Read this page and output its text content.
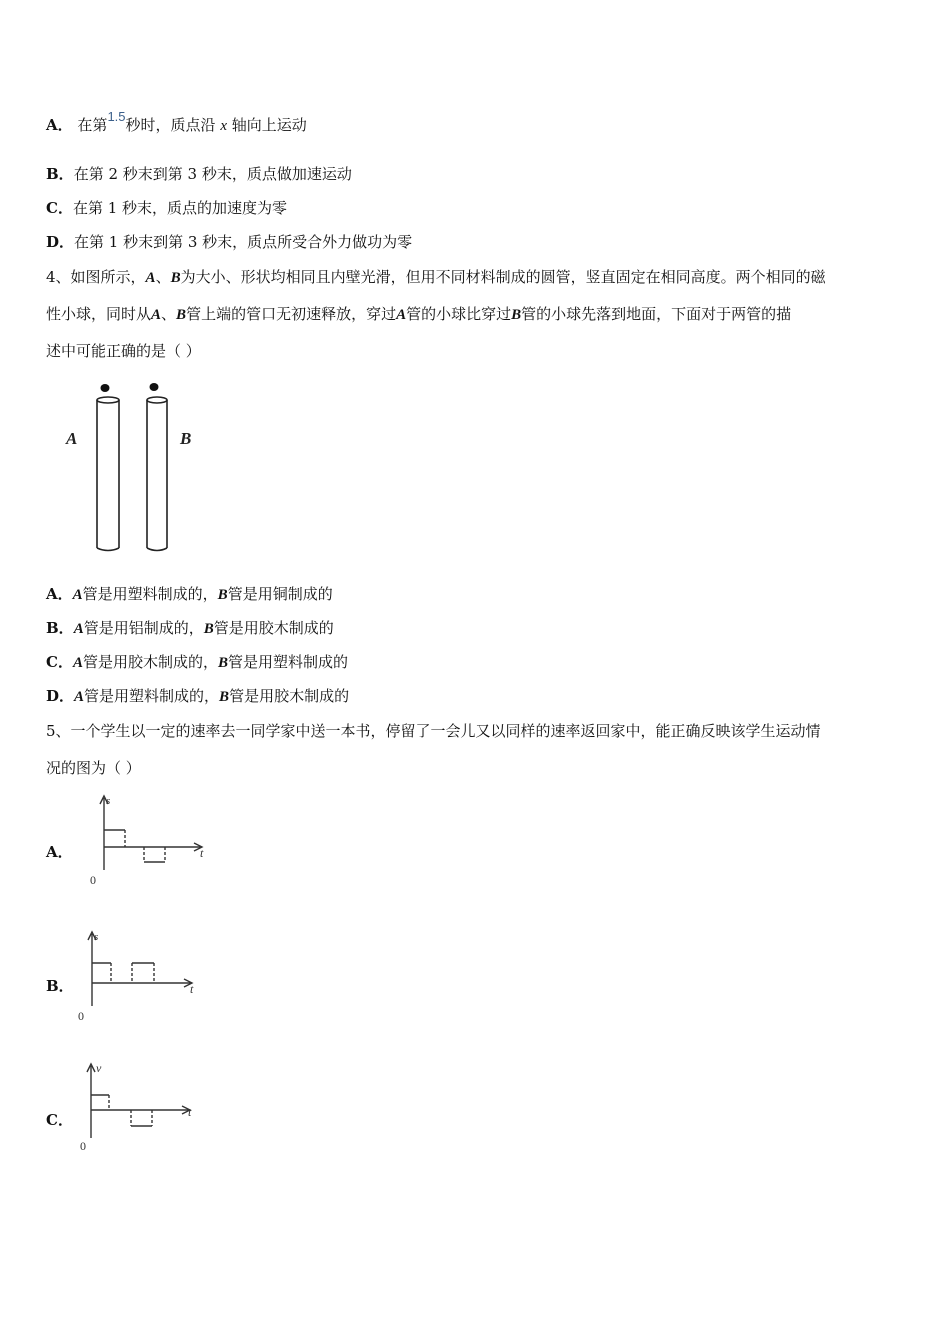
A． 在第1.5秒时，质点沿 x 轴向上运动
B．在第 2 秒末到第 3 秒末，质点做加速运动
C．在第 1 秒末，质点的加速度为零
D．在第 1 秒末到第 3 秒末，质点所受合外力做功为零
4、如图所示，A、B为大小、形状均相同且内壁光滑，但用不同材料制成的圆管，竖直固定在相同高度。两个相同的磁
性小球，同时从A、B管上端的管口无初速释放，穿过A管的小球比穿过B管的小球先落到地面，下面对于两管的描
述中可能正确的是（ ）
A	B
A．A管是用塑料制成的，B管是用铜制成的
B．A管是用铝制成的，B管是用胶木制成的
C．A管是用胶木制成的，B管是用塑料制成的
D．A管是用塑料制成的，B管是用胶木制成的
5、一个学生以一定的速率去一同学家中送一本书，停留了一会儿又以同样的速率返回家中，能正确反映该学生运动情
况的图为（ ）
A．
s
t
0
B．
s
t
0
C．
v
t
0
